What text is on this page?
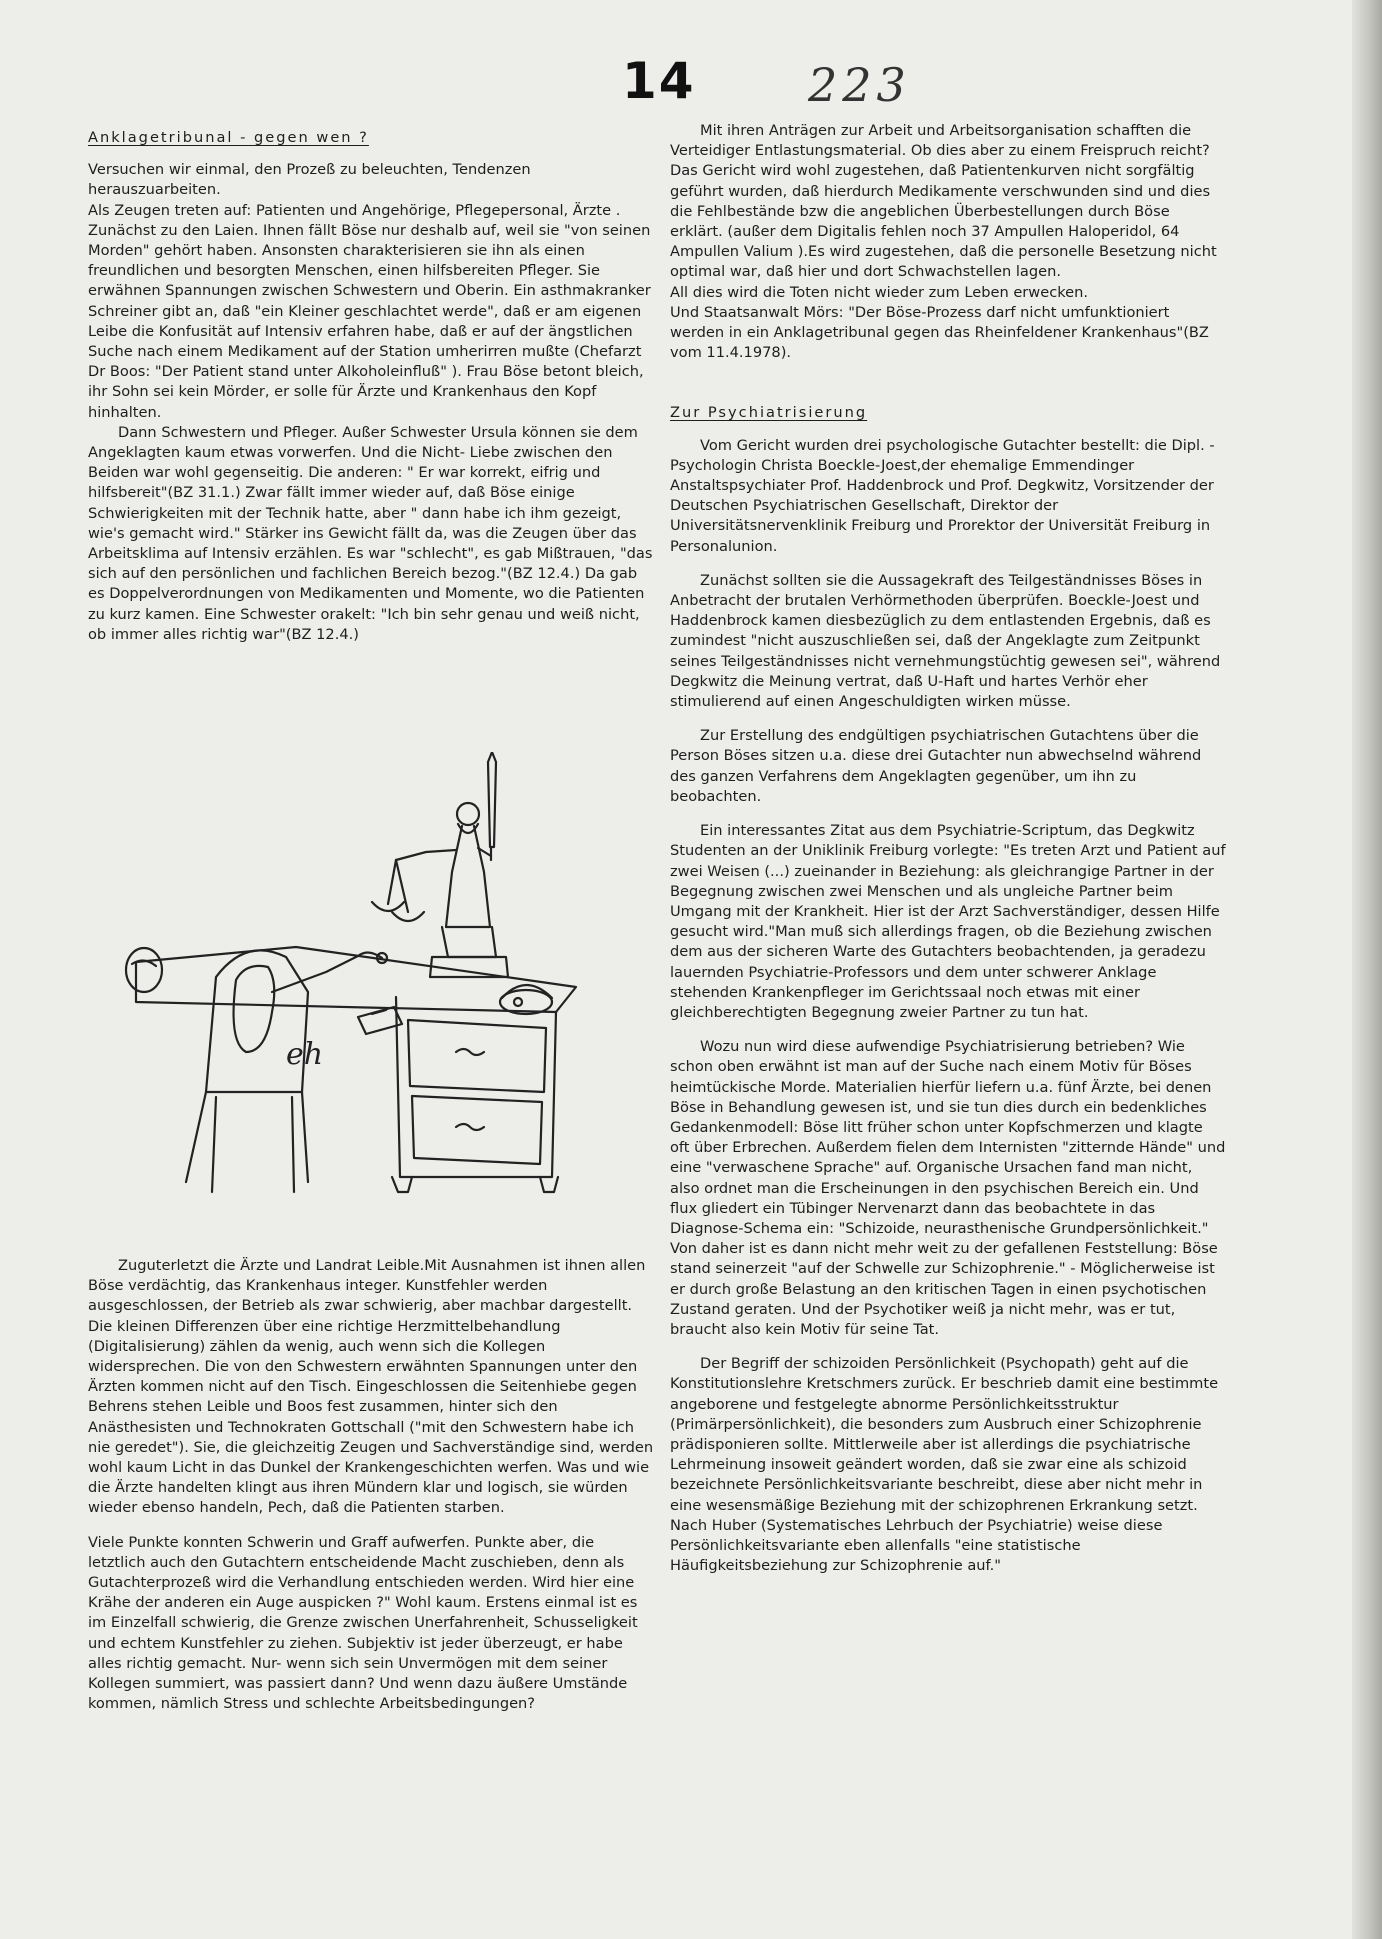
14 223
Anklagetribunal - gegen wen ?

Versuchen wir einmal, den Prozeß zu beleuchten, Tendenzen herauszuarbeiten.

Als Zeugen treten auf: Patienten und Angehörige, Pflegepersonal, Ärzte .

Zunächst zu den Laien. Ihnen fällt Böse nur deshalb auf, weil sie "von seinen Morden" gehört haben. Ansonsten charakterisieren sie ihn als einen freundlichen und besorgten Menschen, einen hilfsbereiten Pfleger. Sie erwähnen Spannungen zwischen Schwestern und Oberin. Ein asthmakranker Schreiner gibt an, daß "ein Kleiner geschlachtet werde", daß er am eigenen Leibe die Konfusität auf Intensiv erfahren habe, daß er auf der ängstlichen Suche nach einem Medikament auf der Station umherirren mußte (Chefarzt Dr Boos: "Der Patient stand unter Alkoholeinfluß" ). Frau Böse betont bleich, ihr Sohn sei kein Mörder, er solle für Ärzte und Krankenhaus den Kopf hinhalten.

Dann Schwestern und Pfleger. Außer Schwester Ursula können sie dem Angeklagten kaum etwas vorwerfen. Und die Nicht- Liebe zwischen den Beiden war wohl gegenseitig. Die anderen: " Er war korrekt, eifrig und hilfsbereit"(BZ 31.1.) Zwar fällt immer wieder auf, daß Böse einige Schwierigkeiten mit der Technik hatte, aber " dann habe ich ihm gezeigt, wie's gemacht wird." Stärker ins Gewicht fällt da, was die Zeugen über das Arbeitsklima auf Intensiv erzählen. Es war "schlecht", es gab Mißtrauen, "das sich auf den persönlichen und fachlichen Bereich bezog."(BZ 12.4.) Da gab es Doppelverordnungen von Medikamenten und Momente, wo die Patienten zu kurz kamen. Eine Schwester orakelt: "Ich bin sehr genau und weiß nicht, ob immer alles richtig war"(BZ 12.4.)

eh

Zuguterletzt die Ärzte und Landrat Leible.Mit Ausnahmen ist ihnen allen Böse verdächtig, das Krankenhaus integer. Kunstfehler werden ausgeschlossen, der Betrieb als zwar schwierig, aber machbar dargestellt. Die kleinen Differenzen über eine richtige Herzmittelbehandlung (Digitalisierung) zählen da wenig, auch wenn sich die Kollegen widersprechen. Die von den Schwestern erwähnten Spannungen unter den Ärzten kommen nicht auf den Tisch. Eingeschlossen die Seitenhiebe gegen Behrens stehen Leible und Boos fest zusammen, hinter sich den Anästhesisten und Technokraten Gottschall ("mit den Schwestern habe ich nie geredet"). Sie, die gleichzeitig Zeugen und Sachverständige sind, werden wohl kaum Licht in das Dunkel der Krankengeschichten werfen. Was und wie die Ärzte handelten klingt aus ihren Mündern klar und logisch, sie würden wieder ebenso handeln, Pech, daß die Patienten starben.

Viele Punkte konnten Schwerin und Graff aufwerfen. Punkte aber, die letztlich auch den Gutachtern entscheidende Macht zuschieben, denn als Gutachterprozeß wird die Verhandlung entschieden werden. Wird hier eine Krähe der anderen ein Auge auspicken ?" Wohl kaum. Erstens einmal ist es im Einzelfall schwierig, die Grenze zwischen Unerfahrenheit, Schusseligkeit und echtem Kunstfehler zu ziehen. Subjektiv ist jeder überzeugt, er habe alles richtig gemacht. Nur- wenn sich sein Unvermögen mit dem seiner Kollegen summiert, was passiert dann? Und wenn dazu äußere Umstände kommen, nämlich Stress und schlechte Arbeitsbedingungen?

Mit ihren Anträgen zur Arbeit und Arbeitsorganisation schafften die Verteidiger Entlastungsmaterial. Ob dies aber zu einem Freispruch reicht? Das Gericht wird wohl zugestehen, daß Patientenkurven nicht sorgfältig geführt wurden, daß hierdurch Medikamente verschwunden sind und dies die Fehlbestände bzw die angeblichen Überbestellungen durch Böse erklärt. (außer dem Digitalis fehlen noch 37 Ampullen Haloperidol, 64 Ampullen Valium ).Es wird zugestehen, daß die personelle Besetzung nicht optimal war, daß hier und dort Schwachstellen lagen.

All dies wird die Toten nicht wieder zum Leben erwecken.

Und Staatsanwalt Mörs: "Der Böse-Prozess darf nicht umfunktioniert werden in ein Anklagetribunal gegen das Rheinfeldener Krankenhaus"(BZ vom 11.4.1978).

Zur Psychiatrisierung

Vom Gericht wurden drei psychologische Gutachter bestellt: die Dipl. - Psychologin Christa Boeckle-Joest,der ehemalige Emmendinger Anstaltspsychiater Prof. Haddenbrock und Prof. Degkwitz, Vorsitzender der Deutschen Psychiatrischen Gesellschaft, Direktor der Universitätsnervenklinik Freiburg und Prorektor der Universität Freiburg in Personalunion.

Zunächst sollten sie die Aussagekraft des Teilgeständnisses Böses in Anbetracht der brutalen Verhörmethoden überprüfen. Boeckle-Joest und Haddenbrock kamen diesbezüglich zu dem entlastenden Ergebnis, daß es zumindest "nicht auszuschließen sei, daß der Angeklagte zum Zeitpunkt seines Teilgeständnisses nicht vernehmungstüchtig gewesen sei", während Degkwitz die Meinung vertrat, daß U-Haft und hartes Verhör eher stimulierend auf einen Angeschuldigten wirken müsse.

Zur Erstellung des endgültigen psychiatrischen Gutachtens über die Person Böses sitzen u.a. diese drei Gutachter nun abwechselnd während des ganzen Verfahrens dem Angeklagten gegenüber, um ihn zu beobachten.

Ein interessantes Zitat aus dem Psychiatrie-Scriptum, das Degkwitz Studenten an der Uniklinik Freiburg vorlegte: "Es treten Arzt und Patient auf zwei Weisen (...) zueinander in Beziehung: als gleichrangige Partner in der Begegnung zwischen zwei Menschen und als ungleiche Partner beim Umgang mit der Krankheit. Hier ist der Arzt Sachverständiger, dessen Hilfe gesucht wird."Man muß sich allerdings fragen, ob die Beziehung zwischen dem aus der sicheren Warte des Gutachters beobachtenden, ja geradezu lauernden Psychiatrie-Professors und dem unter schwerer Anklage stehenden Krankenpfleger im Gerichtssaal noch etwas mit einer gleichberechtigten Begegnung zweier Partner zu tun hat.

Wozu nun wird diese aufwendige Psychiatrisierung betrieben? Wie schon oben erwähnt ist man auf der Suche nach einem Motiv für Böses heimtückische Morde. Materialien hierfür liefern u.a. fünf Ärzte, bei denen Böse in Behandlung gewesen ist, und sie tun dies durch ein bedenkliches Gedankenmodell: Böse litt früher schon unter Kopfschmerzen und klagte oft über Erbrechen. Außerdem fielen dem Internisten "zitternde Hände" und eine "verwaschene Sprache" auf. Organische Ursachen fand man nicht, also ordnet man die Erscheinungen in den psychischen Bereich ein. Und flux gliedert ein Tübinger Nervenarzt dann das beobachtete in das Diagnose-Schema ein: "Schizoide, neurasthenische Grundpersönlichkeit." Von daher ist es dann nicht mehr weit zu der gefallenen Feststellung: Böse stand seinerzeit "auf der Schwelle zur Schizophrenie." - Möglicherweise ist er durch große Belastung an den kritischen Tagen in einen psychotischen Zustand geraten. Und der Psychotiker weiß ja nicht mehr, was er tut, braucht also kein Motiv für seine Tat.

Der Begriff der schizoiden Persönlichkeit (Psychopath) geht auf die Konstitutionslehre Kretschmers zurück. Er beschrieb damit eine bestimmte angeborene und festgelegte abnorme Persönlichkeitsstruktur (Primärpersönlichkeit), die besonders zum Ausbruch einer Schizophrenie prädisponieren sollte. Mittlerweile aber ist allerdings die psychiatrische Lehrmeinung insoweit geändert worden, daß sie zwar eine als schizoid bezeichnete Persönlichkeitsvariante beschreibt, diese aber nicht mehr in eine wesensmäßige Beziehung mit der schizophrenen Erkrankung setzt. Nach Huber (Systematisches Lehrbuch der Psychiatrie) weise diese Persönlichkeitsvariante eben allenfalls "eine statistische Häufigkeitsbeziehung zur Schizophrenie auf."
